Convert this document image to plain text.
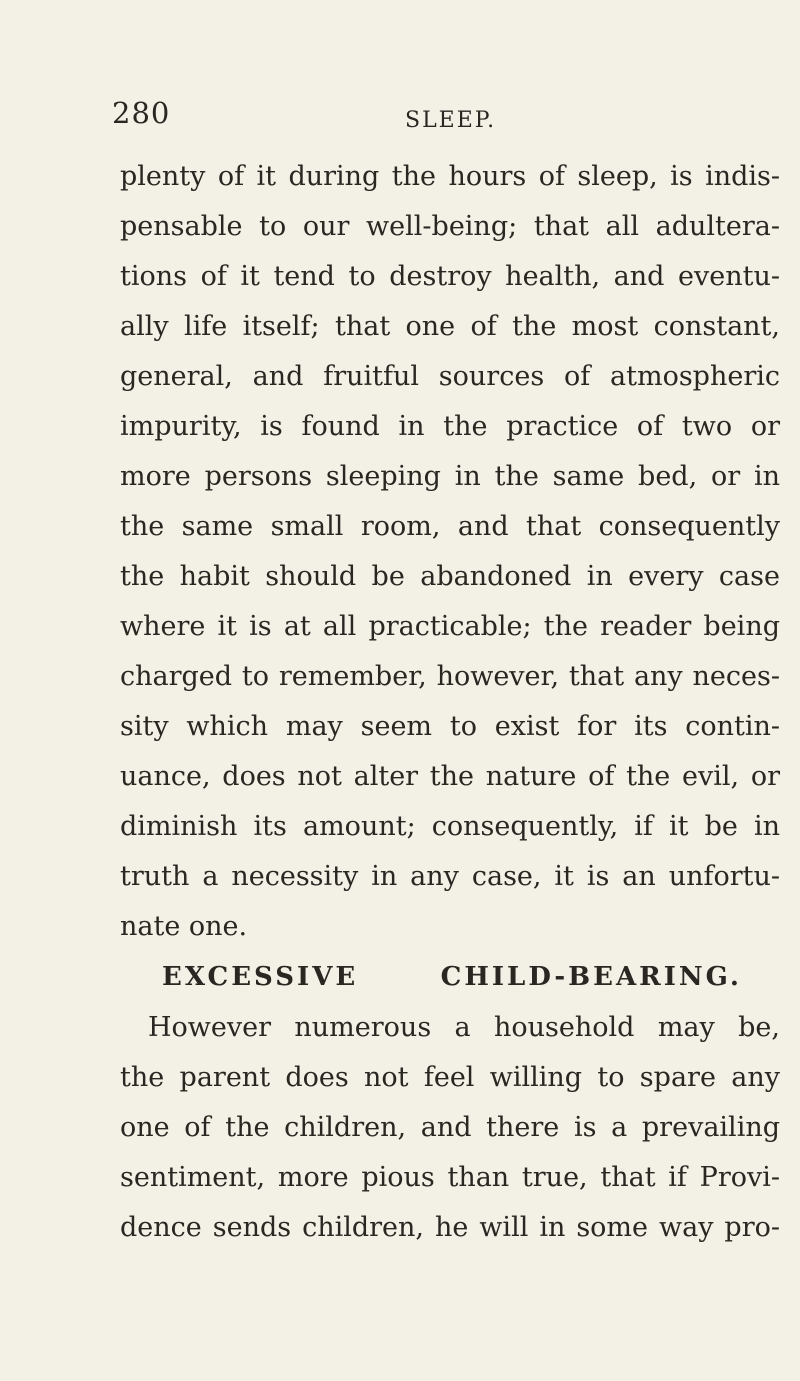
280	SLEEP.
plenty of it during the hours of sleep, is indis-
pensable to our well-being; that all adultera-
tions of it tend to destroy health, and eventu-
ally life itself; that one of the most constant,
general, and fruitful sources of atmospheric
impurity, is found in the practice of two or
more persons sleeping in the same bed, or in
the same small room, and that consequently
the habit should be abandoned in every case
where it is at all practicable; the reader being
charged to remember, however, that any neces-
sity which may seem to exist for its contin-
uance, does not alter the nature of the evil, or
diminish its amount; consequently, if it be in
truth a necessity in any case, it is an unfortu-
nate one.
EXCESSIVE CHILD-BEARING.
However numerous a household may be,
the parent does not feel willing to spare any
one of the children, and there is a prevailing
sentiment, more pious than true, that if Provi-
dence sends children, he will in some way pro-
